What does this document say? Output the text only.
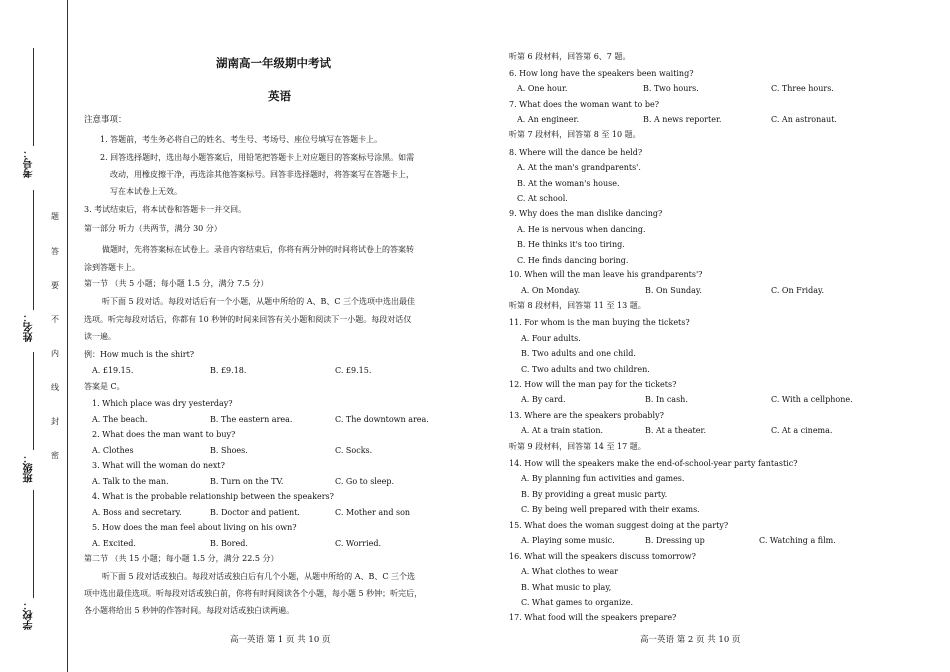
考号：
姓名：
班级：
学校：
题
答
要
不
内
线
封
密
湖南高一年级期中考试
英语
注意事项：
1. 答题前，考生务必将自己的姓名、考生号、考场号、座位号填写在答题卡上。
2. 回答选择题时，选出每小题答案后，用铅笔把答题卡上对应题目的答案标号涂黑。如需
改动，用橡皮擦干净，再选涂其他答案标号。回答非选择题时，将答案写在答题卡上，
写在本试卷上无效。
3. 考试结束后，将本试卷和答题卡一并交回。
第一部分 听力（共两节，满分 30 分）
做题时，先将答案标在试卷上。录音内容结束后，你将有两分钟的时间将试卷上的答案转
涂到答题卡上。
第一节 （共 5 小题；每小题 1.5 分，满分 7.5 分）
听下面 5 段对话。每段对话后有一个小题，从题中所给的 A、B、C 三个选项中选出最佳
选项。听完每段对话后，你都有 10 秒钟的时间来回答有关小题和阅读下一小题。每段对话仅
读一遍。
例：How much is the shirt?
A. £19.15.	B. £9.18.	C. £9.15.
答案是 C。
1. Which place was dry yesterday?
A. The beach.	B. The eastern area.	C. The downtown area.
2. What does the man want to buy?
A. Clothes	B. Shoes.	C. Socks.
3. What will the woman do next?
A. Talk to the man.	B. Turn on the TV.	C. Go to sleep.
4. What is the probable relationship between the speakers?
A. Boss and secretary.	B. Doctor and patient.	C. Mother and son
5. How does the man feel about living on his own?
A. Excited.	B. Bored.	C. Worried.
第二节 （共 15 小题；每小题 1.5 分，满分 22.5 分）
听下面 5 段对话或独白。每段对话或独白后有几个小题，从题中所给的 A、B、C 三个选
项中选出最佳选项。听每段对话或独白前，你将有时间阅读各个小题，每小题 5 秒钟；听完后，
各小题将给出 5 秒钟的作答时间。每段对话或独白读两遍。
高一英语 第 1 页 共 10 页
听第 6 段材料，回答第 6、7 题。
6. How long have the speakers been waiting?
A. One hour.	B. Two hours.	C. Three hours.
7. What does the woman want to be?
A. An engineer.	B. A news reporter.	C. An astronaut.
听第 7 段材料，回答第 8 至 10 题。
8. Where will the dance be held?
A. At the man's grandparents'.
B. At the woman's house.
C. At school.
9. Why does the man dislike dancing?
A. He is nervous when dancing.
B. He thinks it's too tiring.
C. He finds dancing boring.
10. When will the man leave his grandparents'?
A. On Monday.	B. On Sunday.	C. On Friday.
听第 8 段材料，回答第 11 至 13 题。
11. For whom is the man buying the tickets?
A. Four adults.
B. Two adults and one child.
C. Two adults and two children.
12. How will the man pay for the tickets?
A. By card.	B. In cash.	C. With a cellphone.
13. Where are the speakers probably?
A. At a train station.	B. At a theater.	C. At a cinema.
听第 9 段材料，回答第 14 至 17 题。
14. How will the speakers make the end-of-school-year party fantastic?
A. By planning fun activities and games.
B. By providing a great music party.
C. By being well prepared with their exams.
15. What does the woman suggest doing at the party?
A. Playing some music.	B. Dressing up	C. Watching a film.
16. What will the speakers discuss tomorrow?
A. What clothes to wear
B. What music to play,
C. What games to organize.
17. What food will the speakers prepare?
高一英语 第 2 页 共 10 页
